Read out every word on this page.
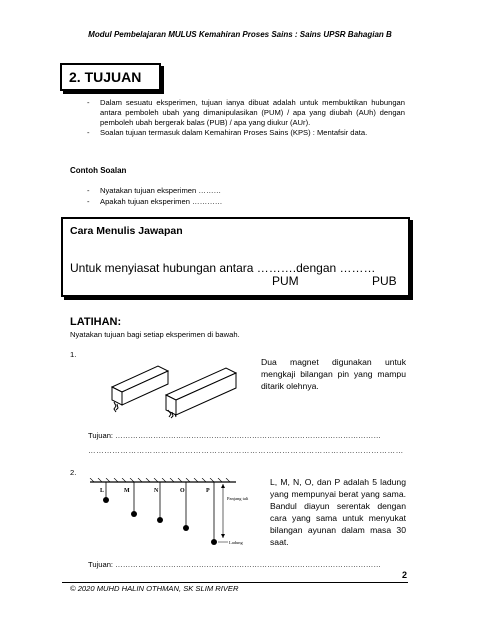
Modul Pembelajaran MULUS Kemahiran Proses Sains : Sains UPSR Bahagian B
2. TUJUAN
-	Dalam sesuatu eksperimen, tujuan ianya dibuat adalah untuk membuktikan hubungan antara pemboleh ubah yang dimanipulasikan (PUM) / apa yang diubah (AUh) dengan pemboleh ubah bergerak balas (PUB) / apa yang diukur (AUr).
-	Soalan tujuan termasuk dalam Kemahiran Proses Sains (KPS) : Mentafsir data.
Contoh Soalan
- Nyatakan tujuan eksperimen ………
- Apakah tujuan eksperimen …………
Cara Menulis Jawapan
Untuk menyiasat hubungan antara ……….dengan ………
PUM	PUB
LATIHAN:
Nyatakan tujuan bagi setiap eksperimen di bawah.
1.
Dua magnet digunakan untuk mengkaji bilangan pin yang mampu ditarik olehnya.
Tujuan: ……………………………………………………………………………………………
………………………………………………………………………………………………………
2.
L	M	N	O	P
Panjang tali
Ladung
L, M, N, O, dan P adalah 5 ladung yang mempunyai berat yang sama. Bandul diayun serentak dengan cara yang sama untuk menyukat bilangan ayunan dalam masa 30 saat.
Tujuan: ……………………………………………………………………………………………
2
© 2020 MUHD HALIN OTHMAN, SK SLIM RIVER
